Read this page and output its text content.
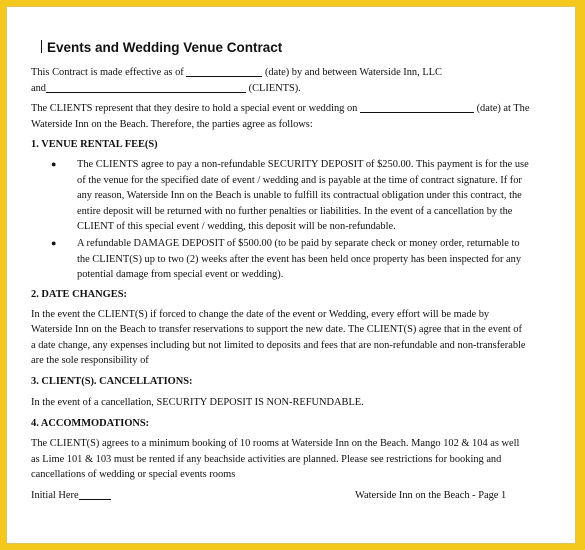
Events and Wedding Venue Contract
This Contract is made effective as of	(date) by and between Waterside Inn, LLC
and	(CLIENTS).
The CLIENTS represent that they desire to hold a special event or wedding on	(date) at The
Waterside Inn on the Beach. Therefore, the parties agree as follows:
1. VENUE RENTAL FEE(S)
● The CLIENTS agree to pay a non-refundable SECURITY DEPOSIT of $250.00. This payment is for the use
of the venue for the specified date of event / wedding and is payable at the time of contract signature. If for
any reason, Waterside Inn on the Beach is unable to fulfill its contractual obligation under this contract, the
entire deposit will be returned with no further penalties or liabilities. In the event of a cancellation by the
CLIENT of this special event / wedding, this deposit will be non-refundable.
● A refundable DAMAGE DEPOSIT of $500.00 (to be paid by separate check or money order, returnable to
the CLIENT(S) up to two (2) weeks after the event has been held once property has been inspected for any
potential damage from special event or wedding).
2. DATE CHANGES:
In the event the CLIENT(S) if forced to change the date of the event or Wedding, every effort will be made by
Waterside Inn on the Beach to transfer reservations to support the new date. The CLIENT(S) agree that in the event of
a date change, any expenses including but not limited to deposits and fees that are non-refundable and non-transferable
are the sole responsibility of
3. CLIENT(S). CANCELLATIONS:
In the event of a cancellation, SECURITY DEPOSIT IS NON-REFUNDABLE.
4. ACCOMMODATIONS:
The CLIENT(S) agrees to a minimum booking of 10 rooms at Waterside Inn on the Beach. Mango 102 & 104 as well
as Lime 101 & 103 must be rented if any beachside activities are planned. Please see restrictions for booking and
cancellations of wedding or special events rooms
Initial Here	Waterside Inn on the Beach - Page 1
